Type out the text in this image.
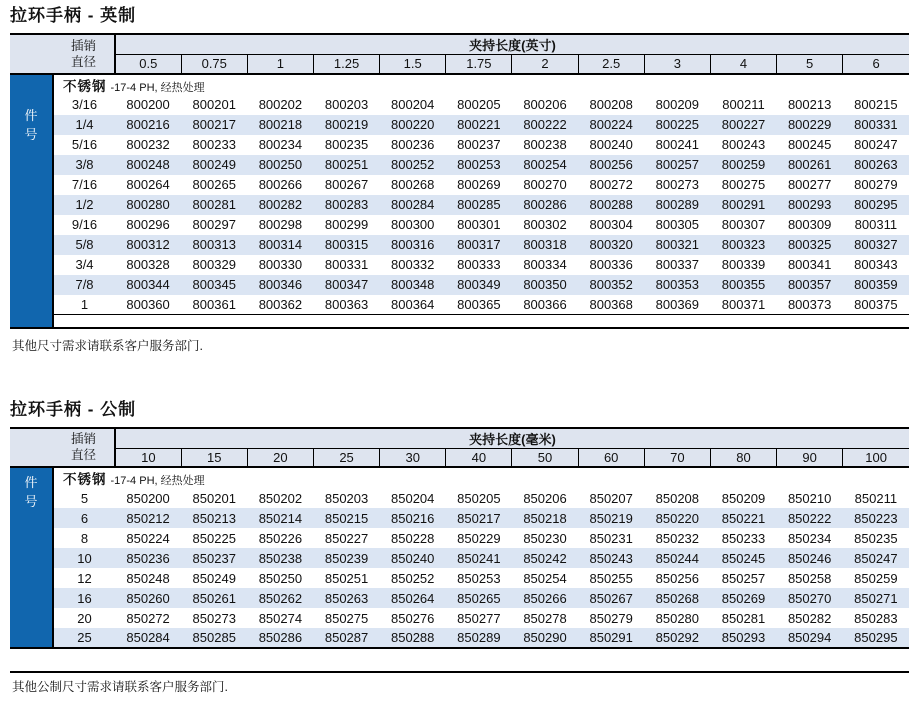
拉环手柄 - 英制
插销
直径		夹持长度(英寸)											
		0.5	0.75	1	1.25	1.5	1.75	2	2.5	3	4	5	6

件
号	不锈钢 -17-4 PH, 经热处理												
	3/16	800200	800201	800202	800203	800204	800205	800206	800208	800209	800211	800213	800215
	1/4	800216	800217	800218	800219	800220	800221	800222	800224	800225	800227	800229	800331
	5/16	800232	800233	800234	800235	800236	800237	800238	800240	800241	800243	800245	800247
	3/8	800248	800249	800250	800251	800252	800253	800254	800256	800257	800259	800261	800263
	7/16	800264	800265	800266	800267	800268	800269	800270	800272	800273	800275	800277	800279
	1/2	800280	800281	800282	800283	800284	800285	800286	800288	800289	800291	800293	800295
	9/16	800296	800297	800298	800299	800300	800301	800302	800304	800305	800307	800309	800311
	5/8	800312	800313	800314	800315	800316	800317	800318	800320	800321	800323	800325	800327
	3/4	800328	800329	800330	800331	800332	800333	800334	800336	800337	800339	800341	800343
	7/8	800344	800345	800346	800347	800348	800349	800350	800352	800353	800355	800357	800359
	1	800360	800361	800362	800363	800364	800365	800366	800368	800369	800371	800373	800375

其他尺寸需求请联系客户服务部门.

拉环手柄 - 公制
插销
直径		夹持长度(毫米)											
		10	15	20	25	30	40	50	60	70	80	90	100

件
号	不锈钢 -17-4 PH, 经热处理												
	5	850200	850201	850202	850203	850204	850205	850206	850207	850208	850209	850210	850211
	6	850212	850213	850214	850215	850216	850217	850218	850219	850220	850221	850222	850223
	8	850224	850225	850226	850227	850228	850229	850230	850231	850232	850233	850234	850235
	10	850236	850237	850238	850239	850240	850241	850242	850243	850244	850245	850246	850247
	12	850248	850249	850250	850251	850252	850253	850254	850255	850256	850257	850258	850259
	16	850260	850261	850262	850263	850264	850265	850266	850267	850268	850269	850270	850271
	20	850272	850273	850274	850275	850276	850277	850278	850279	850280	850281	850282	850283
	25	850284	850285	850286	850287	850288	850289	850290	850291	850292	850293	850294	850295

其他公制尺寸需求请联系客户服务部门.
